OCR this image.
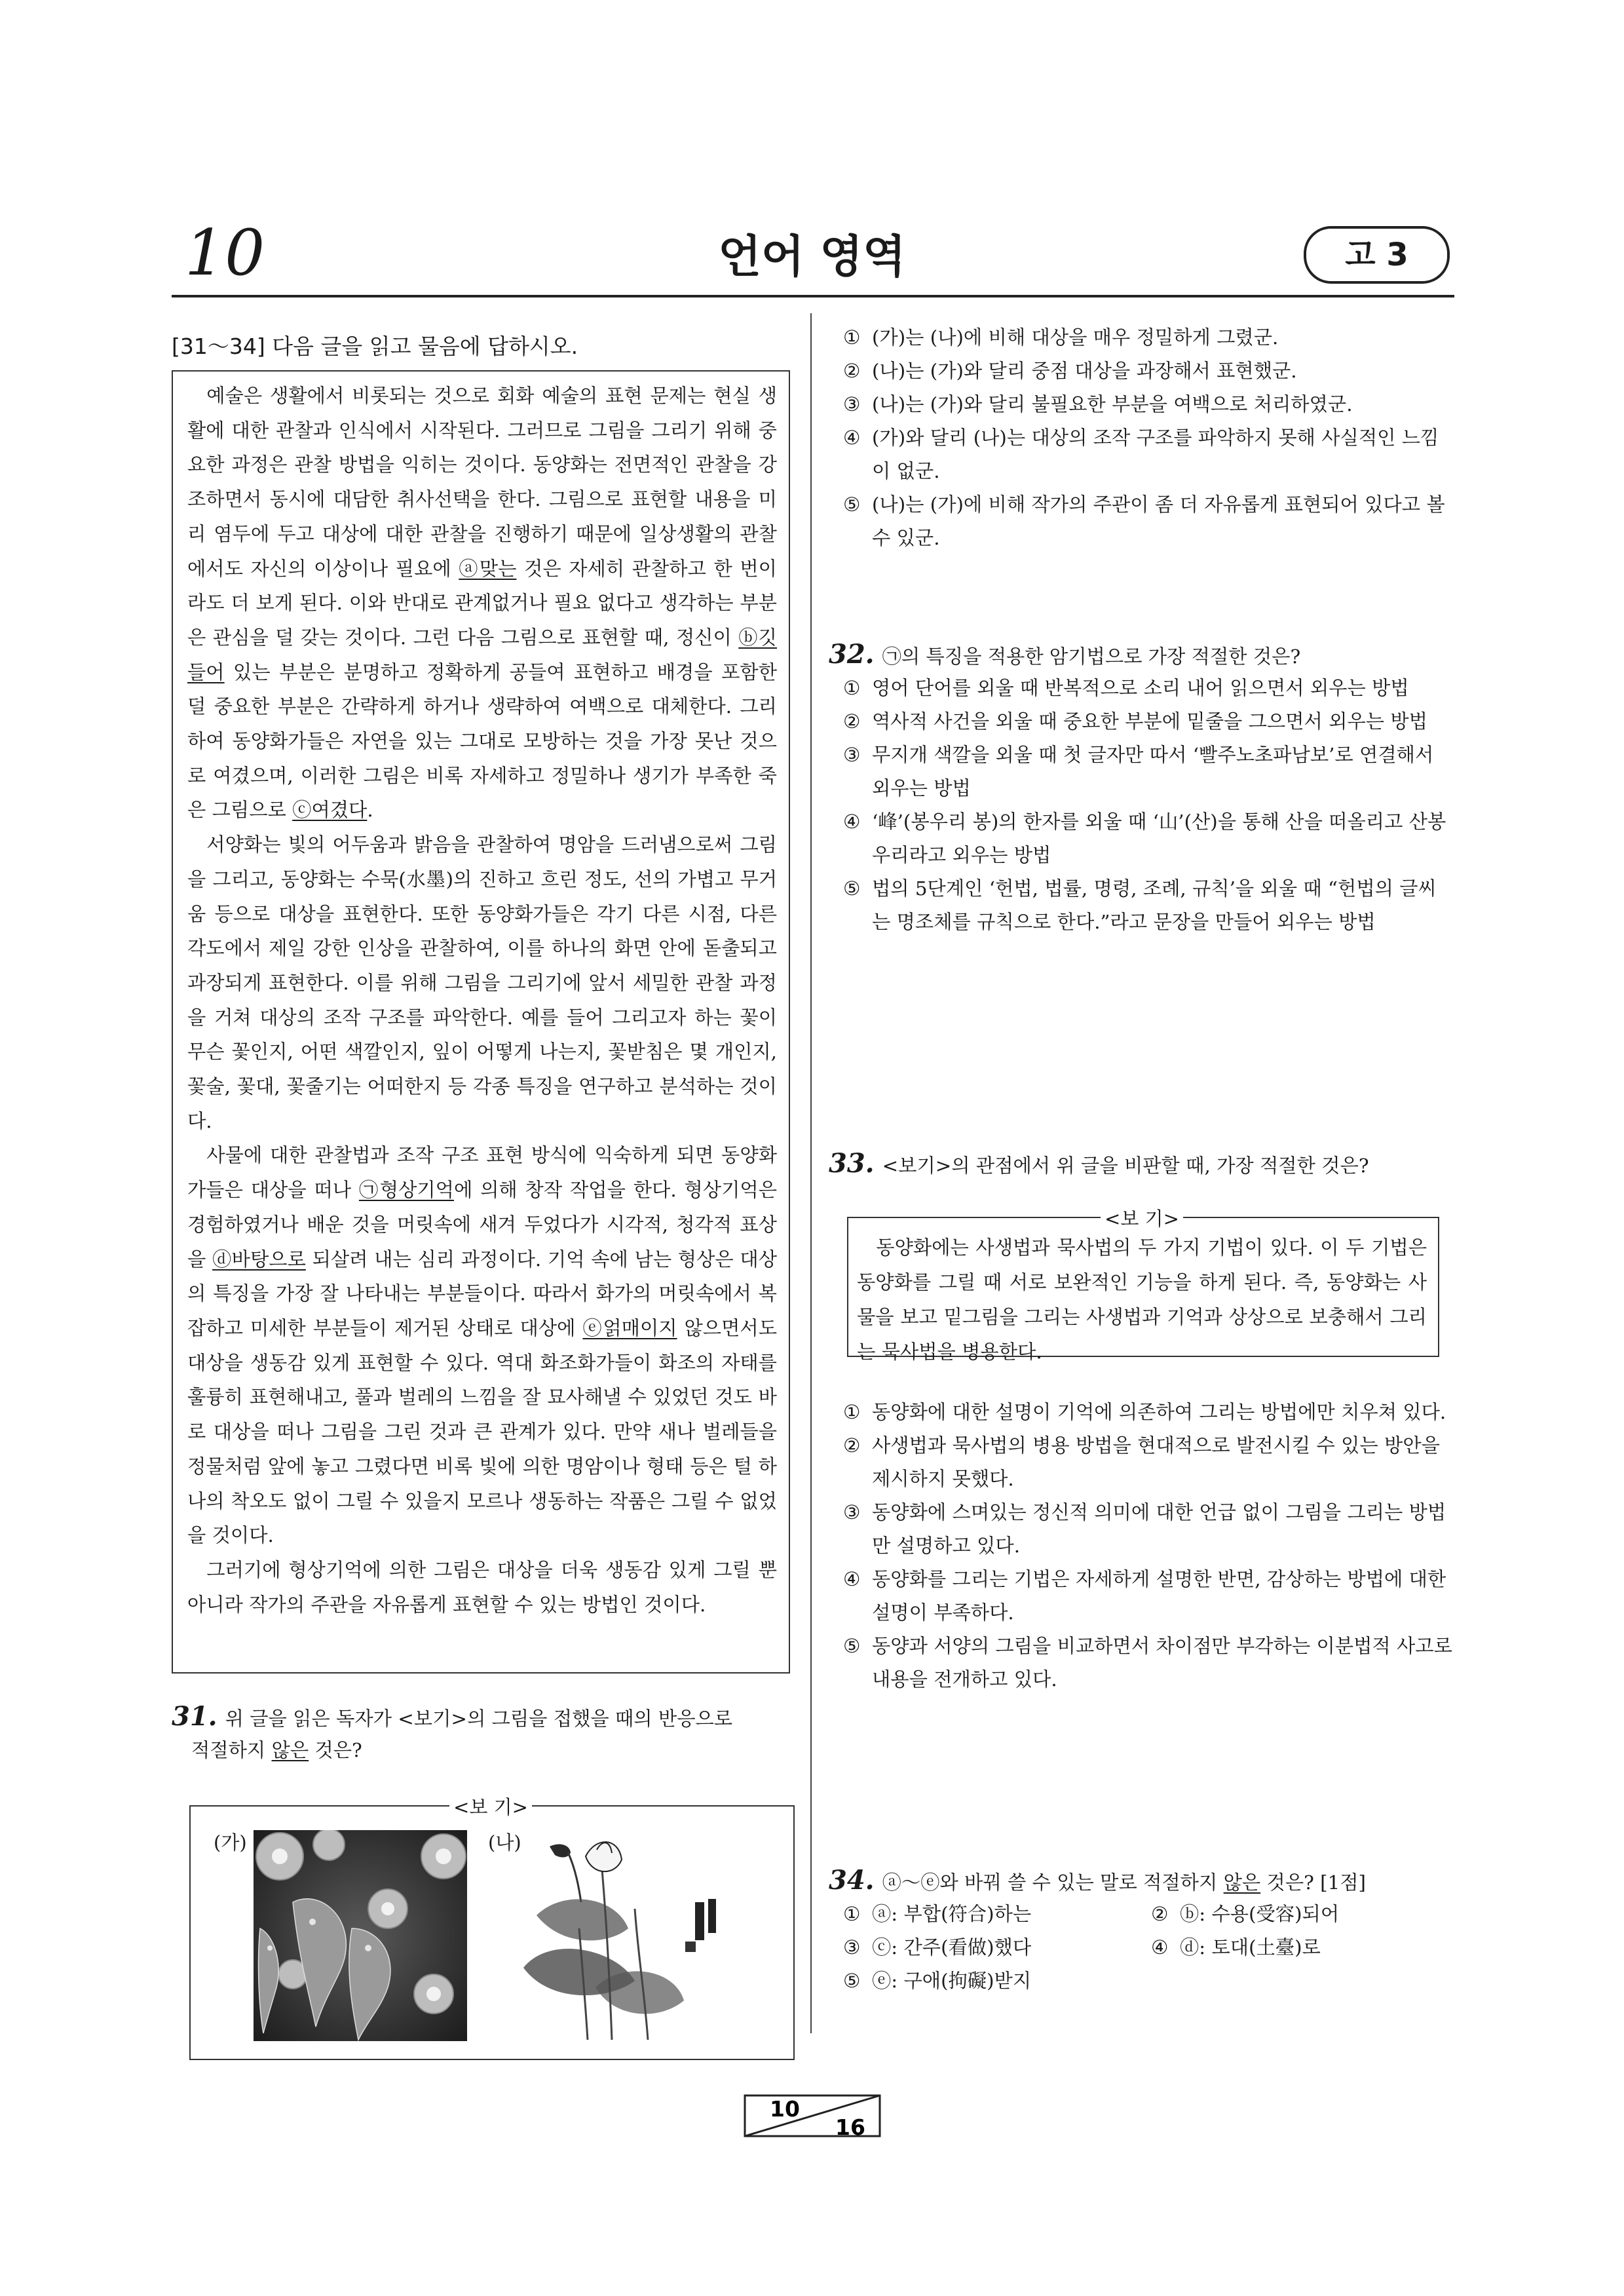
10	언어 영역	고 3
[31～34] 다음 글을 읽고 물음에 답하시오.

예술은 생활에서 비롯되는 것으로 회화 예술의 표현 문제는 현실 생활에 대한 관찰과 인식에서 시작된다. 그러므로 그림을 그리기 위해 중요한 과정은 관찰 방법을 익히는 것이다. 동양화는 전면적인 관찰을 강조하면서 동시에 대담한 취사선택을 한다. 그림으로 표현할 내용을 미리 염두에 두고 대상에 대한 관찰을 진행하기 때문에 일상생활의 관찰에서도 자신의 이상이나 필요에 ⓐ맞는 것은 자세히 관찰하고 한 번이라도 더 보게 된다. 이와 반대로 관계없거나 필요 없다고 생각하는 부분은 관심을 덜 갖는 것이다. 그런 다음 그림으로 표현할 때, 정신이 ⓑ깃들어 있는 부분은 분명하고 정확하게 공들여 표현하고 배경을 포함한 덜 중요한 부분은 간략하게 하거나 생략하여 여백으로 대체한다. 그리하여 동양화가들은 자연을 있는 그대로 모방하는 것을 가장 못난 것으로 여겼으며, 이러한 그림은 비록 자세하고 정밀하나 생기가 부족한 죽은 그림으로 ⓒ여겼다.

서양화는 빛의 어두움과 밝음을 관찰하여 명암을 드러냄으로써 그림을 그리고, 동양화는 수묵(水墨)의 진하고 흐린 정도, 선의 가볍고 무거움 등으로 대상을 표현한다. 또한 동양화가들은 각기 다른 시점, 다른 각도에서 제일 강한 인상을 관찰하여, 이를 하나의 화면 안에 돋출되고 과장되게 표현한다. 이를 위해 그림을 그리기에 앞서 세밀한 관찰 과정을 거쳐 대상의 조작 구조를 파악한다. 예를 들어 그리고자 하는 꽃이 무슨 꽃인지, 어떤 색깔인지, 잎이 어떻게 나는지, 꽃받침은 몇 개인지, 꽃술, 꽃대, 꽃줄기는 어떠한지 등 각종 특징을 연구하고 분석하는 것이다.

사물에 대한 관찰법과 조작 구조 표현 방식에 익숙하게 되면 동양화가들은 대상을 떠나 ㉠형상기억에 의해 창작 작업을 한다. 형상기억은 경험하였거나 배운 것을 머릿속에 새겨 두었다가 시각적, 청각적 표상을 ⓓ바탕으로 되살려 내는 심리 과정이다. 기억 속에 남는 형상은 대상의 특징을 가장 잘 나타내는 부분들이다. 따라서 화가의 머릿속에서 복잡하고 미세한 부분들이 제거된 상태로 대상에 ⓔ얽매이지 않으면서도 대상을 생동감 있게 표현할 수 있다. 역대 화조화가들이 화조의 자태를 훌륭히 표현해내고, 풀과 벌레의 느낌을 잘 묘사해낼 수 있었던 것도 바로 대상을 떠나 그림을 그린 것과 큰 관계가 있다. 만약 새나 벌레들을 정물처럼 앞에 놓고 그렸다면 비록 빛에 의한 명암이나 형태 등은 털 하나의 착오도 없이 그릴 수 있을지 모르나 생동하는 작품은 그릴 수 없었을 것이다.

그러기에 형상기억에 의한 그림은 대상을 더욱 생동감 있게 그릴 뿐 아니라 작가의 주관을 자유롭게 표현할 수 있는 방법인 것이다.

31. 위 글을 읽은 독자가 <보기>의 그림을 접했을 때의 반응으로
적절하지 않은 것은?
<보 기>
(가)	(나)
① (가)는 (나)에 비해 대상을 매우 정밀하게 그렸군.
② (나)는 (가)와 달리 중점 대상을 과장해서 표현했군.
③ (나)는 (가)와 달리 불필요한 부분을 여백으로 처리하였군.
④ (가)와 달리 (나)는 대상의 조작 구조를 파악하지 못해 사실적인 느낌이 없군.
⑤ (나)는 (가)에 비해 작가의 주관이 좀 더 자유롭게 표현되어 있다고 볼 수 있군.
32. ㉠의 특징을 적용한 암기법으로 가장 적절한 것은?
① 영어 단어를 외울 때 반복적으로 소리 내어 읽으면서 외우는 방법
② 역사적 사건을 외울 때 중요한 부분에 밑줄을 그으면서 외우는 방법
③ 무지개 색깔을 외울 때 첫 글자만 따서 ‘빨주노초파남보’로 연결해서 외우는 방법
④ ‘峰’(봉우리 봉)의 한자를 외울 때 ‘山’(산)을 통해 산을 떠올리고 산봉우리라고 외우는 방법
⑤ 법의 5단계인 ‘헌법, 법률, 명령, 조례, 규칙’을 외울 때 “헌법의 글씨는 명조체를 규칙으로 한다.”라고 문장을 만들어 외우는 방법
33. <보기>의 관점에서 위 글을 비판할 때, 가장 적절한 것은?
<보 기>

동양화에는 사생법과 묵사법의 두 가지 기법이 있다. 이 두 기법은 동양화를 그릴 때 서로 보완적인 기능을 하게 된다. 즉, 동양화는 사물을 보고 밑그림을 그리는 사생법과 기억과 상상으로 보충해서 그리는 묵사법을 병용한다.

① 동양화에 대한 설명이 기억에 의존하여 그리는 방법에만 치우쳐 있다.
② 사생법과 묵사법의 병용 방법을 현대적으로 발전시킬 수 있는 방안을 제시하지 못했다.
③ 동양화에 스며있는 정신적 의미에 대한 언급 없이 그림을 그리는 방법만 설명하고 있다.
④ 동양화를 그리는 기법은 자세하게 설명한 반면, 감상하는 방법에 대한 설명이 부족하다.
⑤ 동양과 서양의 그림을 비교하면서 차이점만 부각하는 이분법적 사고로 내용을 전개하고 있다.
34. ⓐ～ⓔ와 바꿔 쓸 수 있는 말로 적절하지 않은 것은? [1점]
① ⓐ: 부합(符合)하는	② ⓑ: 수용(受容)되어
③ ⓒ: 간주(看做)했다	④ ⓓ: 토대(土臺)로
⑤ ⓔ: 구애(拘礙)받지
10
16
